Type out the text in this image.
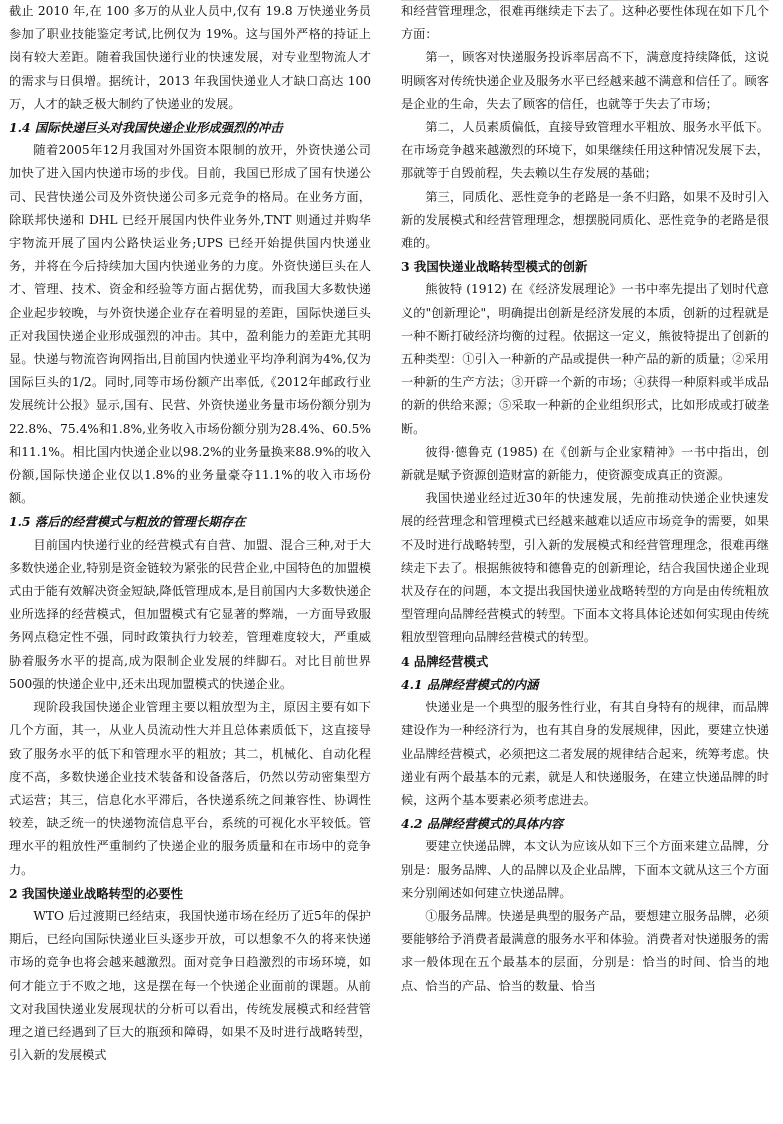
截止 2010 年,在 100 多万的从业人员中,仅有 19.8 万快递业务员参加了职业技能鉴定考试,比例仅为 19%。这与国外严格的持证上岗有较大差距。随着我国快递行业的快速发展，对专业型物流人才的需求与日俱增。据统计，2013 年我国快递业人才缺口高达 100 万，人才的缺乏极大制约了快递业的发展。

1.4 国际快递巨头对我国快递企业形成强烈的冲击

随着2005年12月我国对外国资本限制的放开，外资快递公司加快了进入国内快递市场的步伐。目前，我国已形成了国有快递公司、民营快递公司及外资快递公司多元竞争的格局。在业务方面，除联邦快递和 DHL 已经开展国内快件业务外,TNT 则通过并购华宇物流开展了国内公路快运业务;UPS 已经开始提供国内快递业务，并将在今后持续加大国内快递业务的力度。外资快递巨头在人才、管理、技术、资金和经验等方面占据优势，而我国大多数快递企业起步较晚，与外资快递企业存在着明显的差距，国际快递巨头正对我国快递企业形成强烈的冲击。其中，盈利能力的差距尤其明显。快递与物流咨询网指出,目前国内快递业平均净利润为4%,仅为国际巨头的1/2。同时,同等市场份额产出率低,《2012年邮政行业发展统计公报》显示,国有、民营、外资快递业务量市场份额分别为22.8%、75.4%和1.8%,业务收入市场份额分别为28.4%、60.5%和11.1%。相比国内快递企业以98.2%的业务量换来88.9%的收入份额,国际快递企业仅以1.8%的业务量豪夺11.1%的收入市场份额。

1.5 落后的经营模式与粗放的管理长期存在

目前国内快递行业的经营模式有自营、加盟、混合三种,对于大多数快递企业,特别是资金链较为紧张的民营企业,中国特色的加盟模式由于能有效解决资金短缺,降低管理成本,是目前国内大多数快递企业所选择的经营模式，但加盟模式有它显著的弊端，一方面导致服务网点稳定性不强，同时政策执行力较差，管理难度较大，严重威胁着服务水平的提高,成为限制企业发展的绊脚石。对比目前世界500强的快递企业中,还未出现加盟模式的快递企业。

现阶段我国快递企业管理主要以粗放型为主，原因主要有如下几个方面，其一，从业人员流动性大并且总体素质低下，这直接导致了服务水平的低下和管理水平的粗放；其二，机械化、自动化程度不高，多数快递企业技术装备和设备落后，仍然以劳动密集型方式运营；其三，信息化水平滞后，各快递系统之间兼容性、协调性较差，缺乏统一的快递物流信息平台，系统的可视化水平较低。管理水平的粗放性严重制约了快递企业的服务质量和在市场中的竞争力。

2 我国快递业战略转型的必要性

WTO 后过渡期已经结束，我国快递市场在经历了近5年的保护期后，已经向国际快递业巨头逐步开放，可以想象不久的将来快递市场的竞争也将会越来越激烈。面对竞争日趋激烈的市场环境，如何才能立于不败之地，这是摆在每一个快递企业面前的课题。从前文对我国快递业发展现状的分析可以看出，传统发展模式和经营管理之道已经遇到了巨大的瓶颈和障碍，如果不及时进行战略转型，引入新的发展模式

和经营管理理念，很难再继续走下去了。这种必要性体现在如下几个方面：

第一，顾客对快递服务投诉率居高不下，满意度持续降低，这说明顾客对传统快递企业及服务水平已经越来越不满意和信任了。顾客是企业的生命，失去了顾客的信任，也就等于失去了市场；

第二，人员素质偏低，直接导致管理水平粗放、服务水平低下。在市场竞争越来越激烈的环境下，如果继续任用这种情况发展下去，那就等于自毁前程，失去赖以生存发展的基础；

第三，同质化、恶性竞争的老路是一条不归路，如果不及时引入新的发展模式和经营管理理念，想摆脱同质化、恶性竞争的老路是很难的。

3 我国快递业战略转型模式的创新

熊彼特 (1912) 在《经济发展理论》一书中率先提出了划时代意义的"创新理论"，明确提出创新是经济发展的本质，创新的过程就是一种不断打破经济均衡的过程。依据这一定义，熊彼特提出了创新的五种类型：①引入一种新的产品或提供一种产品的新的质量；②采用一种新的生产方法；③开辟一个新的市场；④获得一种原料或半成品的新的供给来源；⑤采取一种新的企业组织形式，比如形成或打破垄断。

彼得·德鲁克 (1985) 在《创新与企业家精神》一书中指出，创新就是赋予资源创造财富的新能力，使资源变成真正的资源。

我国快递业经过近30年的快速发展，先前推动快递企业快速发展的经营理念和管理模式已经越来越难以适应市场竞争的需要，如果不及时进行战略转型，引入新的发展模式和经营管理理念，很难再继续走下去了。根据熊彼特和德鲁克的创新理论，结合我国快递企业现状及存在的问题，本文提出我国快递业战略转型的方向是由传统粗放型管理向品牌经营模式的转型。下面本文将具体论述如何实现由传统粗放型管理向品牌经营模式的转型。

4 品牌经营模式
4.1 品牌经营模式的内涵

快递业是一个典型的服务性行业，有其自身特有的规律，而品牌建设作为一种经济行为，也有其自身的发展规律，因此，要建立快递业品牌经营模式，必须把这二者发展的规律结合起来，统筹考虑。快递业有两个最基本的元素，就是人和快递服务，在建立快递品牌的时候，这两个基本要素必须考虑进去。

4.2 品牌经营模式的具体内容

要建立快递品牌，本文认为应该从如下三个方面来建立品牌，分别是：服务品牌、人的品牌以及企业品牌，下面本文就从这三个方面来分别阐述如何建立快递品牌。

①服务品牌。快递是典型的服务产品，要想建立服务品牌，必须要能够给予消费者最满意的服务水平和体验。消费者对快递服务的需求一般体现在五个最基本的层面，分别是：恰当的时间、恰当的地点、恰当的产品、恰当的数量、恰当
